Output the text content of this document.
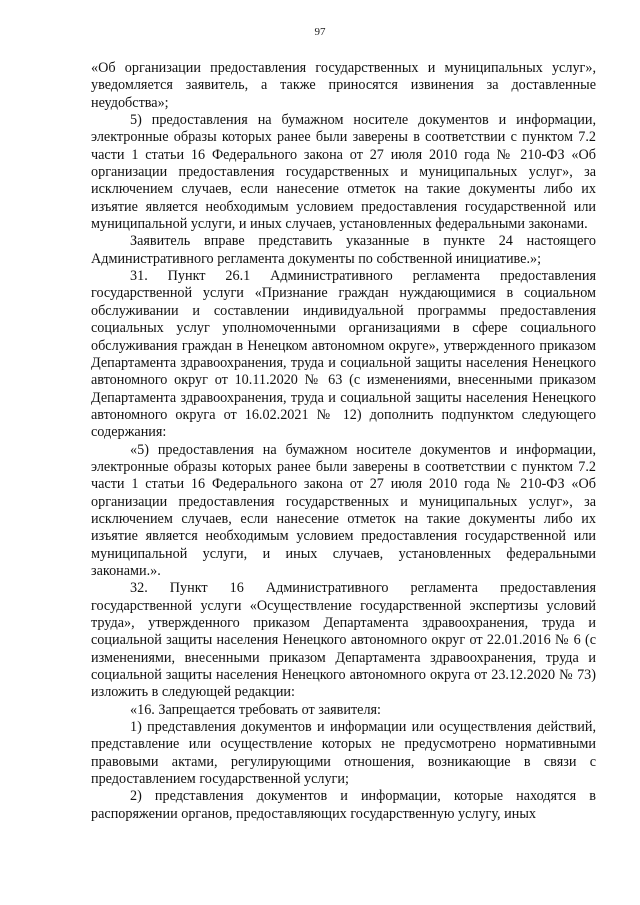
97

«Об организации предоставления государственных и муниципальных услуг», уведомляется заявитель, а также приносятся извинения за доставленные неудобства»;

5) предоставления на бумажном носителе документов и информации, электронные образы которых ранее были заверены в соответствии с пунктом 7.2 части 1 статьи 16 Федерального закона от 27 июля 2010 года № 210-ФЗ «Об организации предоставления государственных и муниципальных услуг», за исключением случаев, если нанесение отметок на такие документы либо их изъятие является необходимым условием предоставления государственной или муниципальной услуги, и иных случаев, установленных федеральными законами.

Заявитель вправе представить указанные в пункте 24 настоящего Административного регламента документы по собственной инициативе.»;

31. Пункт 26.1 Административного регламента предоставления государственной услуги «Признание граждан нуждающимися в социальном обслуживании и составлении индивидуальной программы предоставления социальных услуг уполномоченными организациями в сфере социального обслуживания граждан в Ненецком автономном округе», утвержденного приказом Департамента здравоохранения, труда и социальной защиты населения Ненецкого автономного округ от 10.11.2020 № 63 (с изменениями, внесенными приказом Департамента здравоохранения, труда и социальной защиты населения Ненецкого автономного округа от 16.02.2021 № 12) дополнить подпунктом следующего содержания:

«5) предоставления на бумажном носителе документов и информации, электронные образы которых ранее были заверены в соответствии с пунктом 7.2 части 1 статьи 16 Федерального закона от 27 июля 2010 года № 210-ФЗ «Об организации предоставления государственных и муниципальных услуг», за исключением случаев, если нанесение отметок на такие документы либо их изъятие является необходимым условием предоставления государственной или муниципальной услуги, и иных случаев, установленных федеральными законами.».

32. Пункт 16 Административного регламента предоставления государственной услуги «Осуществление государственной экспертизы условий труда», утвержденного приказом Департамента здравоохранения, труда и социальной защиты населения Ненецкого автономного округ от 22.01.2016 № 6 (с изменениями, внесенными приказом Департамента здравоохранения, труда и социальной защиты населения Ненецкого автономного округа от 23.12.2020 № 73) изложить в следующей редакции:

«16. Запрещается требовать от заявителя:

1) представления документов и информации или осуществления действий, представление или осуществление которых не предусмотрено нормативными правовыми актами, регулирующими отношения, возникающие в связи с предоставлением государственной услуги;

2) представления документов и информации, которые находятся в распоряжении органов, предоставляющих государственную услугу, иных
